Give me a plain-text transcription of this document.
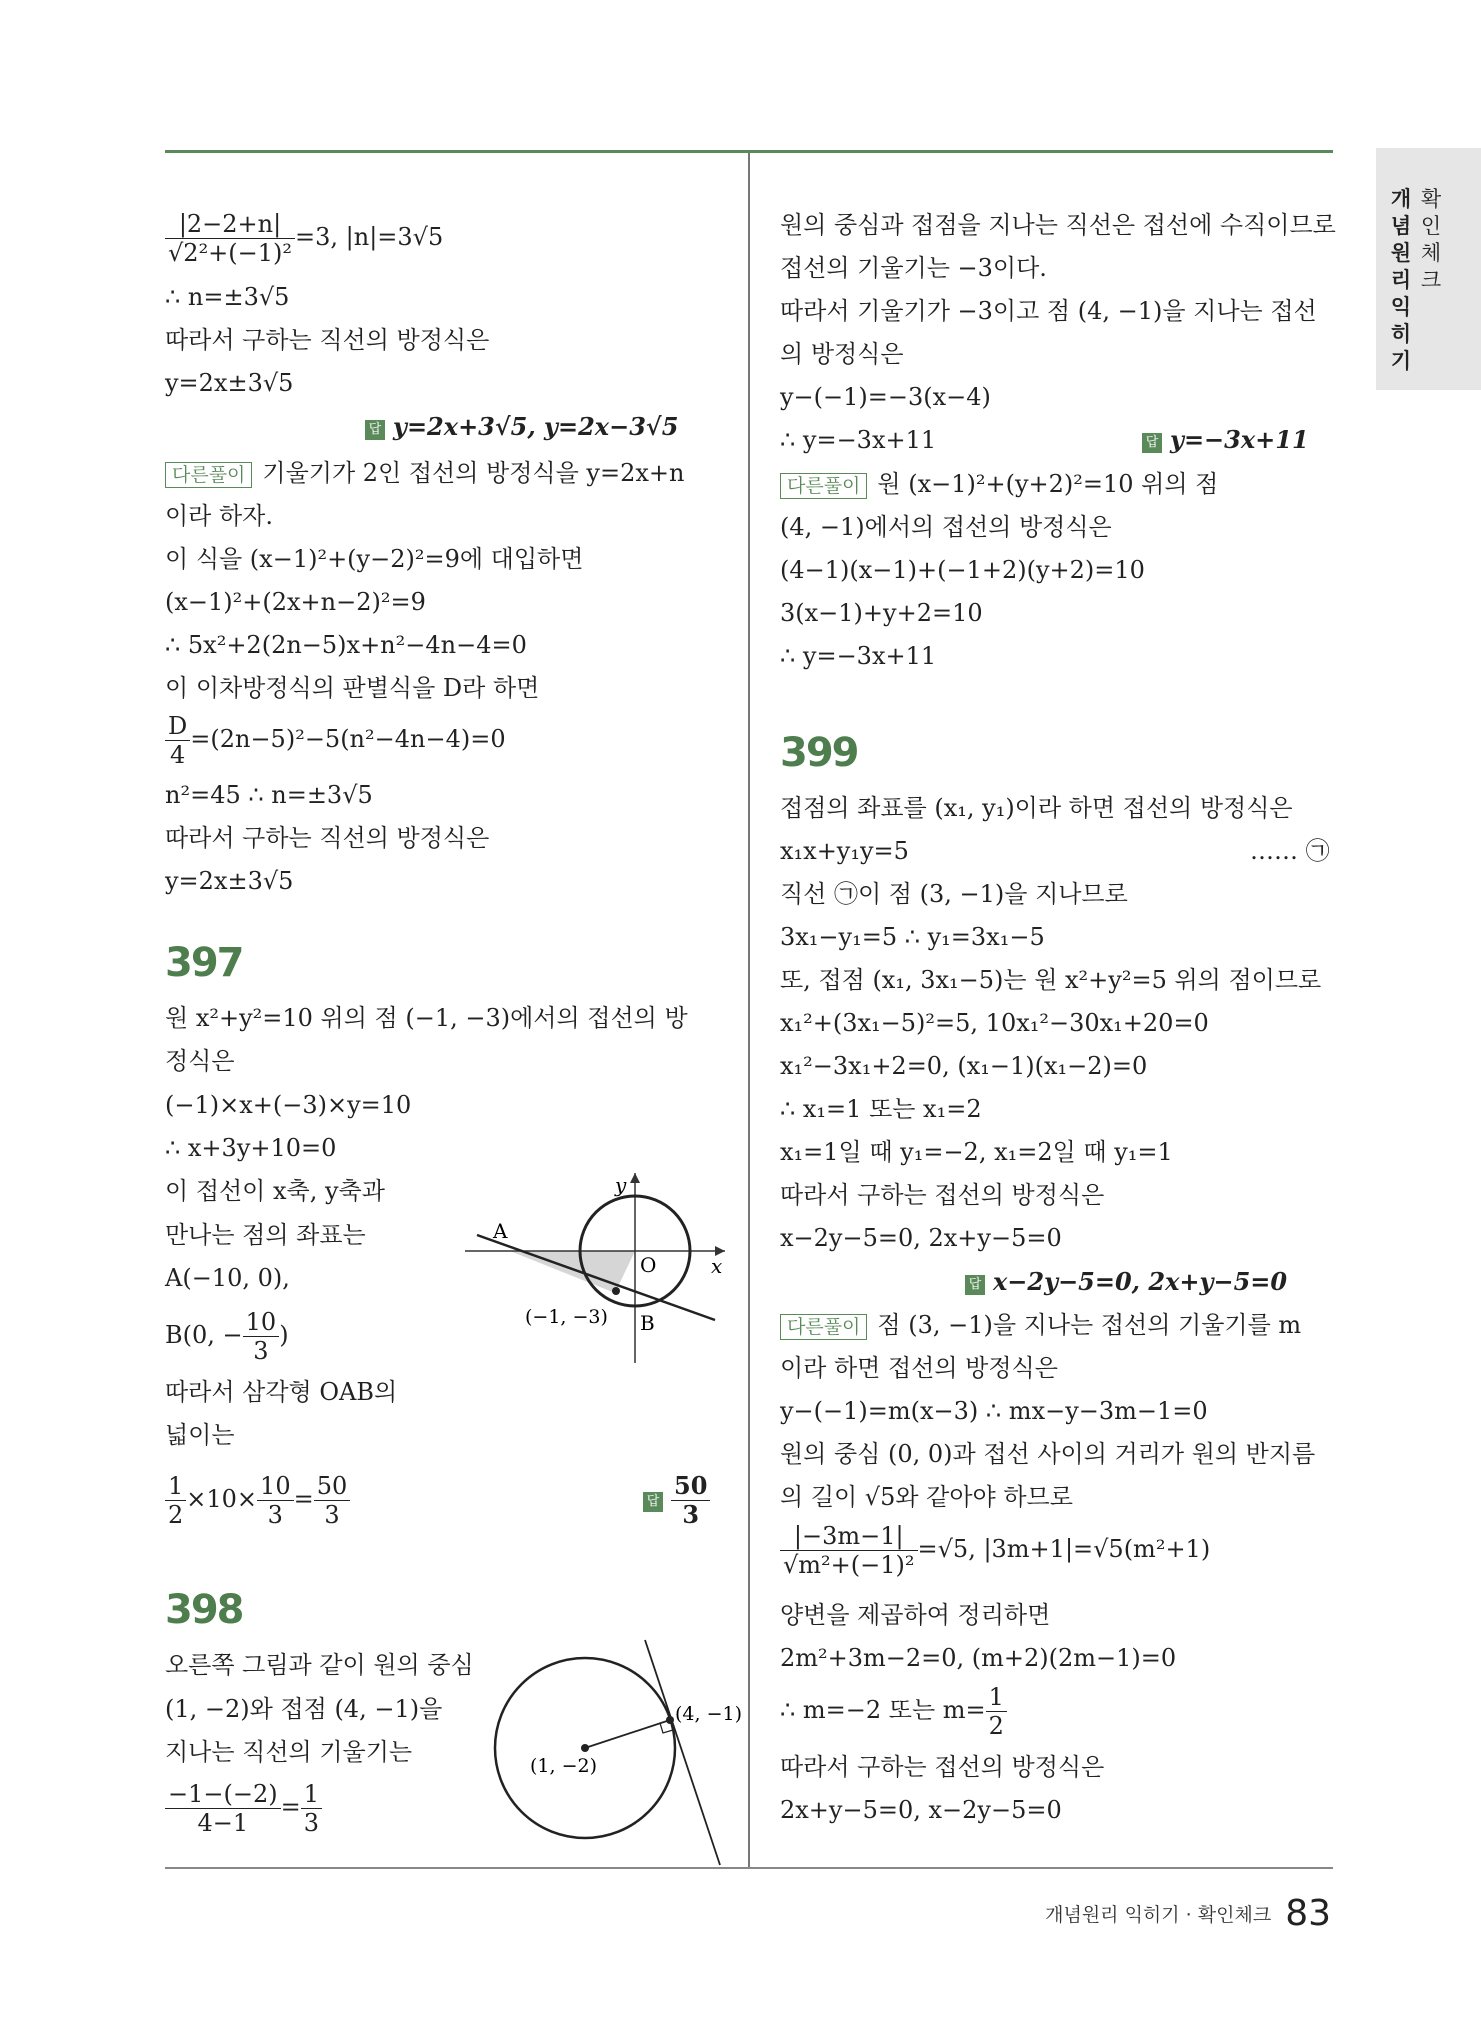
확
인
체
크
개
념
원
리
익
히
기
$\frac{|2-2+n|}{\text{√2²+(−1)²}} =3$, |n|=3√5
∴ n=±3√5
따라서 구하는 직선의 방정식은
y=2x±3√5
답 y=2x+3√5, y=2x−3√5
다른풀이 기울기가 2인 접선의 방정식을 y=2x+n
이라 하자.
이 식을 (x−1)²+(y−2)²=9에 대입하면
(x−1)²+(2x+n−2)²=9
∴ 5x²+2(2n−5)x+n²−4n−4=0
이 이차방정식의 판별식을 D라 하면
$\frac{D}{4} =(2n-5)^2-5(n^2-4n-4)=0$
n²=45 ∴ n=±3√5
따라서 구하는 직선의 방정식은
y=2x±3√5
397
원 x²+y²=10 위의 점 (−1, −3)에서의 접선의 방
정식은
(−1)×x+(−3)×y=10
∴ x+3y+10=0
이 접선이 x축, y축과
만나는 점의 좌표는
A(−10, 0),
B(0, − $\frac{10}{3}$ )
따라서 삼각형 OAB의
넓이는
$\frac{1}{2} \times 10\times \frac{10}{3} = \frac{50}{3}$	답 $\frac{50}{3}$
A
O	x
y
B
(−1, −3)
398
오른쪽 그림과 같이 원의 중심
(1, −2)와 접점 (4, −1)을
지나는 직선의 기울기는
$\frac{-1-(-2)}{4-1} = \frac{1}{3}$
(1, −2)
(4, −1)
원의 중심과 접점을 지나는 직선은 접선에 수직이므로
접선의 기울기는 −3이다.
따라서 기울기가 −3이고 점 (4, −1)을 지나는 접선
의 방정식은
y−(−1)=−3(x−4)
∴ y=−3x+11	답 y=−3x+11
다른풀이 원 (x−1)²+(y+2)²=10 위의 점
(4, −1)에서의 접선의 방정식은
(4−1)(x−1)+(−1+2)(y+2)=10
3(x−1)+y+2=10
∴ y=−3x+11
399
접점의 좌표를 (x₁, y₁)이라 하면 접선의 방정식은
x₁x+y₁y=5	…… ㉠
직선 ㉠이 점 (3, −1)을 지나므로
3x₁−y₁=5 ∴ y₁=3x₁−5
또, 접점 (x₁, 3x₁−5)는 원 x²+y²=5 위의 점이므로
x₁²+(3x₁−5)²=5, 10x₁²−30x₁+20=0
x₁²−3x₁+2=0, (x₁−1)(x₁−2)=0
∴ x₁=1 또는 x₁=2
x₁=1일 때 y₁=−2, x₁=2일 때 y₁=1
따라서 구하는 접선의 방정식은
x−2y−5=0, 2x+y−5=0
답 x−2y−5=0, 2x+y−5=0
다른풀이 점 (3, −1)을 지나는 접선의 기울기를 m
이라 하면 접선의 방정식은
y−(−1)=m(x−3) ∴ mx−y−3m−1=0
원의 중심 (0, 0)과 접선 사이의 거리가 원의 반지름
의 길이 √5와 같아야 하므로
$\frac{|-3m-1|}{\text{√m²+(−1)²}} =√5$, |3m+1|=√5(m²+1)
양변을 제곱하여 정리하면
2m²+3m−2=0, (m+2)(2m−1)=0
∴ m=−2 또는 $m= \frac{1}{2}$
따라서 구하는 접선의 방정식은
2x+y−5=0, x−2y−5=0
개념원리 익히기 · 확인체크 83
